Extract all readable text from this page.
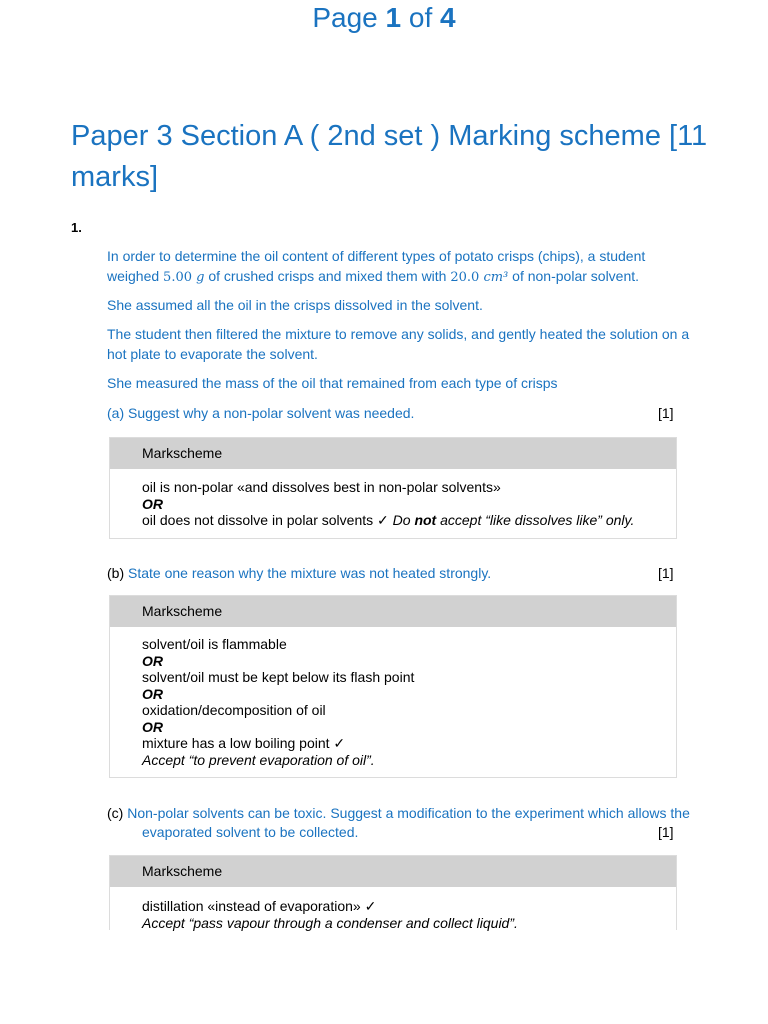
Page 1 of 4
Paper 3 Section A ( 2nd set ) Marking scheme [11 marks]
1.
In order to determine the oil content of different types of potato crisps (chips), a student weighed 5.00 g of crushed crisps and mixed them with 20.0 cm³ of non-polar solvent.
She assumed all the oil in the crisps dissolved in the solvent.
The student then filtered the mixture to remove any solids, and gently heated the solution on a hot plate to evaporate the solvent.
She measured the mass of the oil that remained from each type of crisps
(a) Suggest why a non-polar solvent was needed.	[1]
Markscheme
oil is non-polar «and dissolves best in non-polar solvents»
OR
oil does not dissolve in polar solvents ✓ Do not accept “like dissolves like” only.
(b) State one reason why the mixture was not heated strongly.	[1]
Markscheme
solvent/oil is flammable
OR
solvent/oil must be kept below its flash point
OR
oxidation/decomposition of oil
OR
mixture has a low boiling point ✓
Accept “to prevent evaporation of oil”.
(c) Non-polar solvents can be toxic. Suggest a modification to the experiment which allows the
evaporated solvent to be collected.	[1]
Markscheme
distillation «instead of evaporation» ✓
Accept “pass vapour through a condenser and collect liquid”.
